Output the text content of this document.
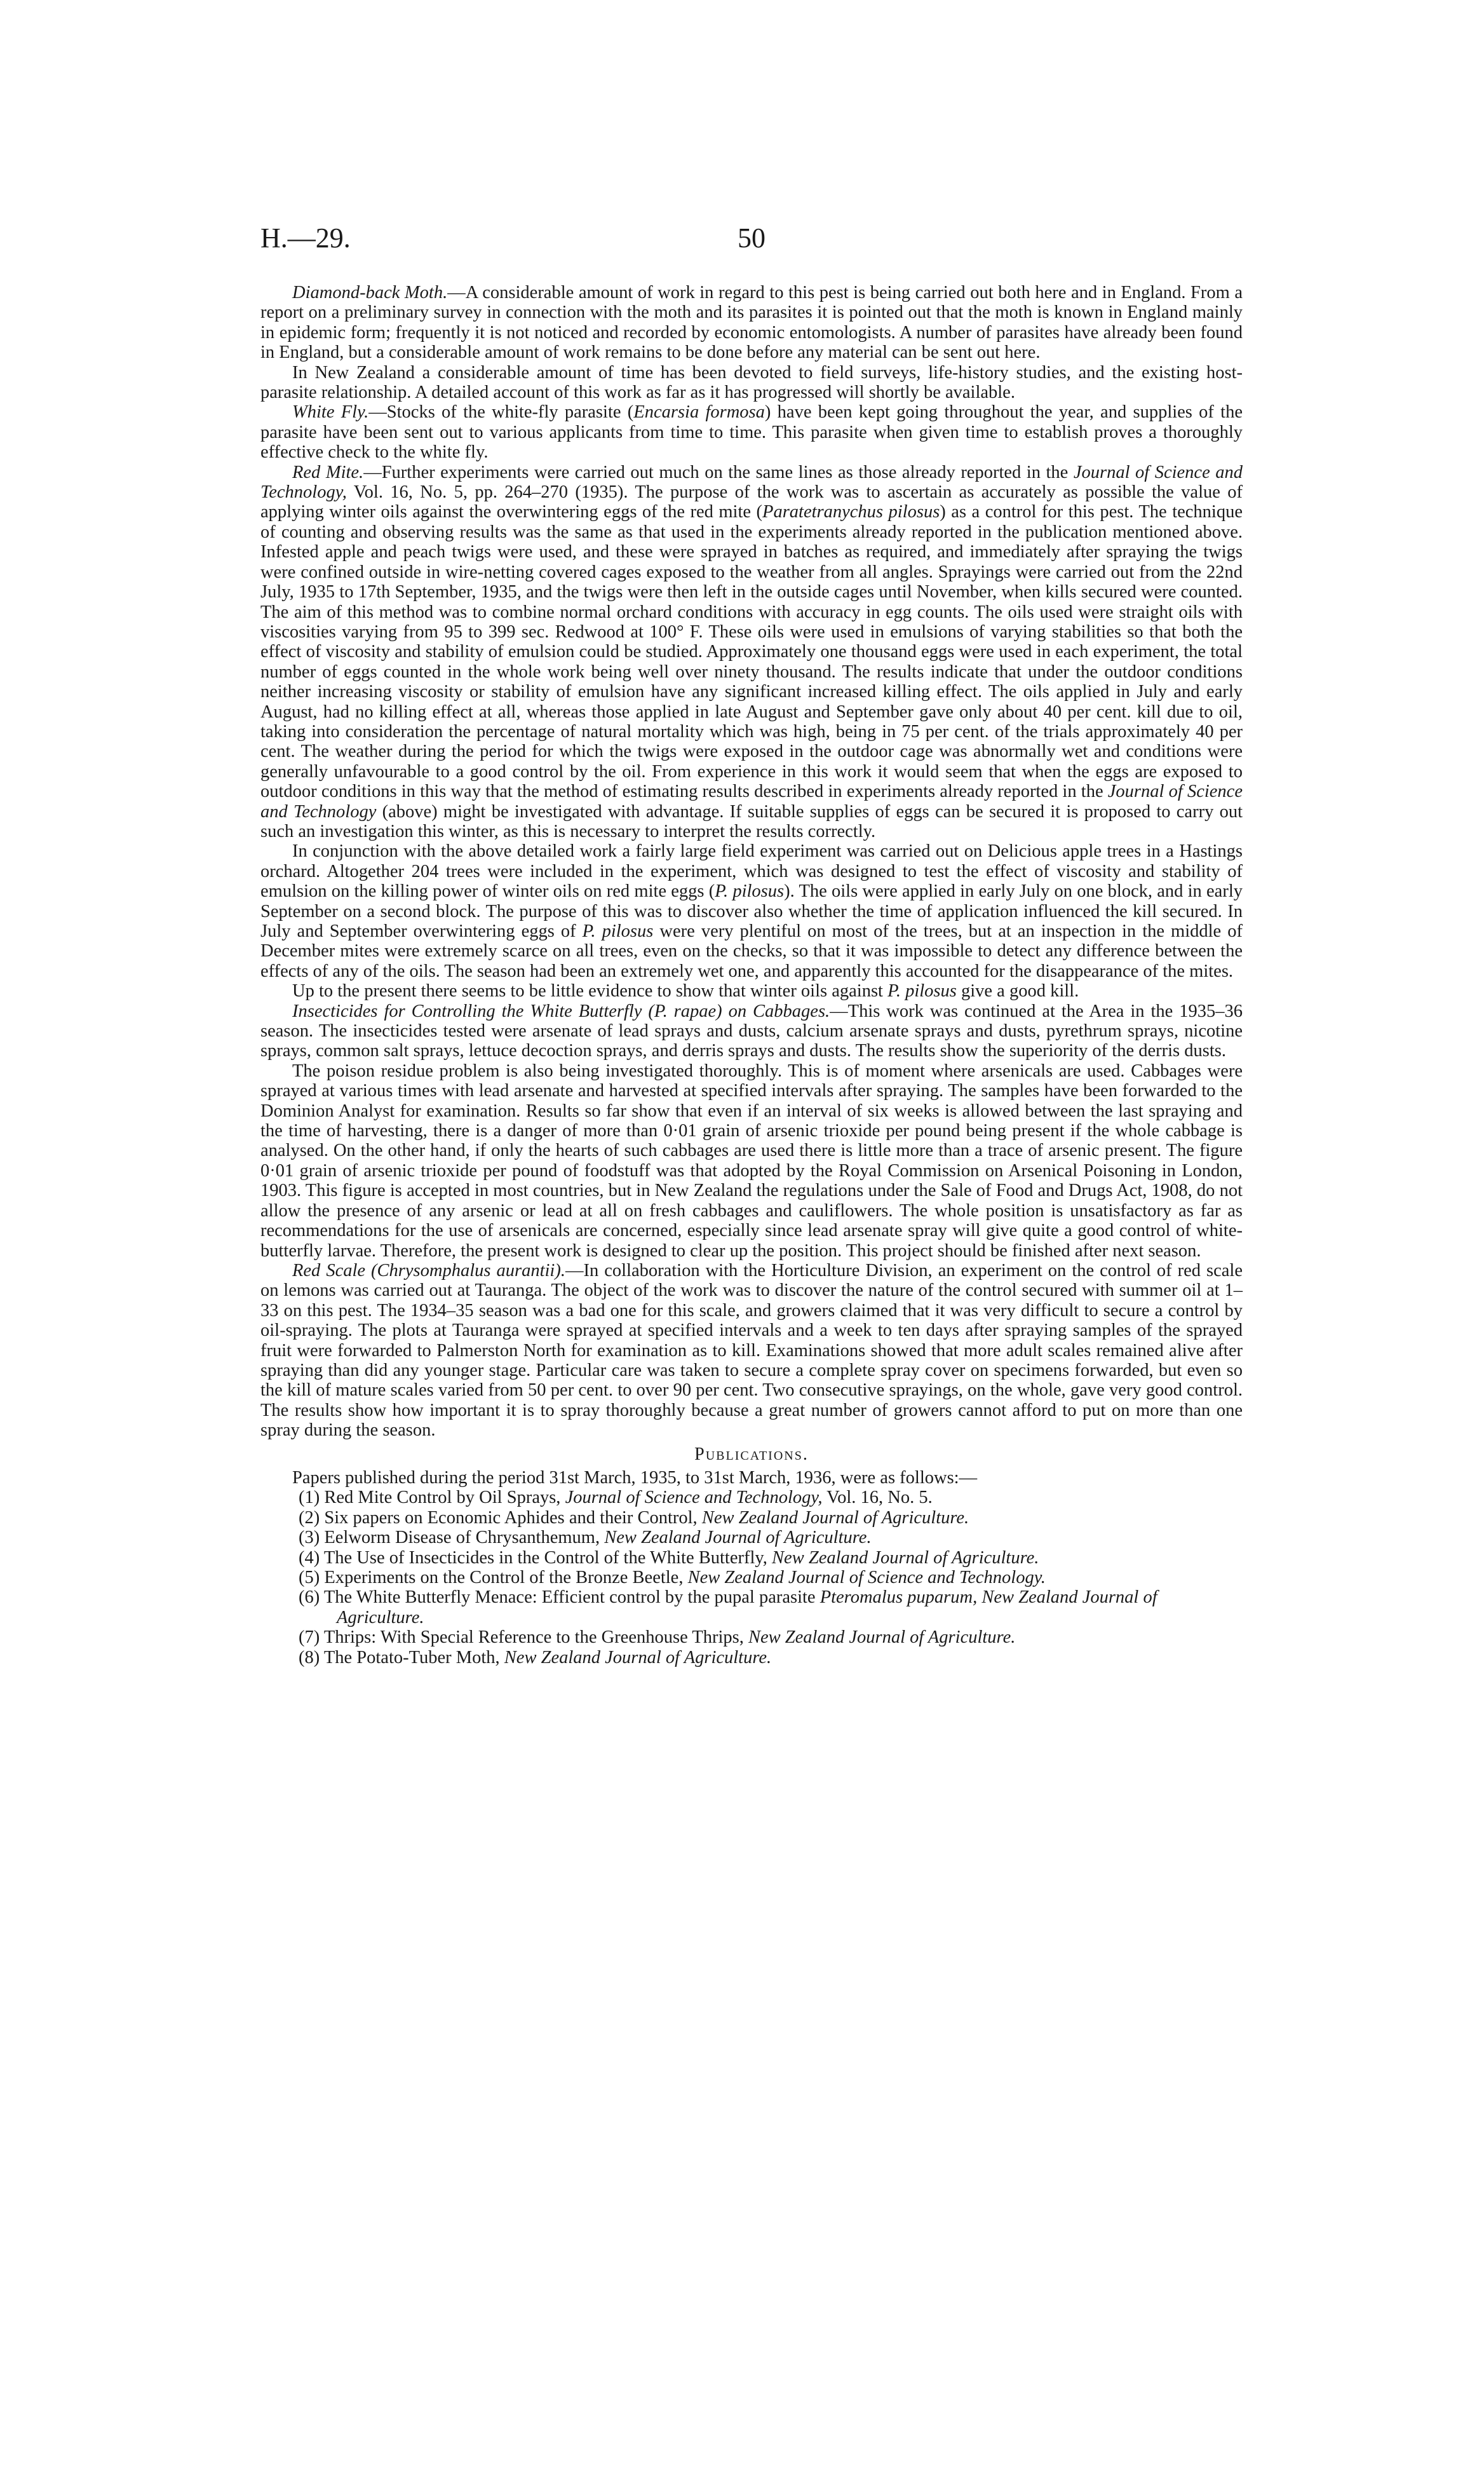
H.—29.	50

Diamond-back Moth.—A considerable amount of work in regard to this pest is being carried out both here and in England. From a report on a preliminary survey in connection with the moth and its parasites it is pointed out that the moth is known in England mainly in epidemic form; frequently it is not noticed and recorded by economic entomologists. A number of parasites have already been found in England, but a considerable amount of work remains to be done before any material can be sent out here.

In New Zealand a considerable amount of time has been devoted to field surveys, life-history studies, and the existing host-parasite relationship. A detailed account of this work as far as it has progressed will shortly be available.

White Fly.—Stocks of the white-fly parasite (Encarsia formosa) have been kept going throughout the year, and supplies of the parasite have been sent out to various applicants from time to time. This parasite when given time to establish proves a thoroughly effective check to the white fly.

Red Mite.—Further experiments were carried out much on the same lines as those already reported in the Journal of Science and Technology, Vol. 16, No. 5, pp. 264–270 (1935). The purpose of the work was to ascertain as accurately as possible the value of applying winter oils against the overwintering eggs of the red mite (Paratetranychus pilosus) as a control for this pest. The technique of counting and observing results was the same as that used in the experiments already reported in the publication mentioned above. Infested apple and peach twigs were used, and these were sprayed in batches as required, and immediately after spraying the twigs were confined outside in wire-netting covered cages exposed to the weather from all angles. Sprayings were carried out from the 22nd July, 1935 to 17th September, 1935, and the twigs were then left in the outside cages until November, when kills secured were counted. The aim of this method was to combine normal orchard conditions with accuracy in egg counts. The oils used were straight oils with viscosities varying from 95 to 399 sec. Redwood at 100° F. These oils were used in emulsions of varying stabilities so that both the effect of viscosity and stability of emulsion could be studied. Approximately one thousand eggs were used in each experiment, the total number of eggs counted in the whole work being well over ninety thousand. The results indicate that under the outdoor conditions neither increasing viscosity or stability of emulsion have any significant increased killing effect. The oils applied in July and early August, had no killing effect at all, whereas those applied in late August and September gave only about 40 per cent. kill due to oil, taking into consideration the percentage of natural mortality which was high, being in 75 per cent. of the trials approximately 40 per cent. The weather during the period for which the twigs were exposed in the outdoor cage was abnormally wet and conditions were generally unfavourable to a good control by the oil. From experience in this work it would seem that when the eggs are exposed to outdoor conditions in this way that the method of estimating results described in experiments already reported in the Journal of Science and Technology (above) might be investigated with advantage. If suitable supplies of eggs can be secured it is proposed to carry out such an investigation this winter, as this is necessary to interpret the results correctly.

In conjunction with the above detailed work a fairly large field experiment was carried out on Delicious apple trees in a Hastings orchard. Altogether 204 trees were included in the experiment, which was designed to test the effect of viscosity and stability of emulsion on the killing power of winter oils on red mite eggs (P. pilosus). The oils were applied in early July on one block, and in early September on a second block. The purpose of this was to discover also whether the time of application influenced the kill secured. In July and September overwintering eggs of P. pilosus were very plentiful on most of the trees, but at an inspection in the middle of December mites were extremely scarce on all trees, even on the checks, so that it was impossible to detect any difference between the effects of any of the oils. The season had been an extremely wet one, and apparently this accounted for the disappearance of the mites.

Up to the present there seems to be little evidence to show that winter oils against P. pilosus give a good kill.

Insecticides for Controlling the White Butterfly (P. rapae) on Cabbages.—This work was continued at the Area in the 1935–36 season. The insecticides tested were arsenate of lead sprays and dusts, calcium arsenate sprays and dusts, pyrethrum sprays, nicotine sprays, common salt sprays, lettuce decoction sprays, and derris sprays and dusts. The results show the superiority of the derris dusts.

The poison residue problem is also being investigated thoroughly. This is of moment where arsenicals are used. Cabbages were sprayed at various times with lead arsenate and harvested at specified intervals after spraying. The samples have been forwarded to the Dominion Analyst for examination. Results so far show that even if an interval of six weeks is allowed between the last spraying and the time of harvesting, there is a danger of more than 0·01 grain of arsenic trioxide per pound being present if the whole cabbage is analysed. On the other hand, if only the hearts of such cabbages are used there is little more than a trace of arsenic present. The figure 0·01 grain of arsenic trioxide per pound of foodstuff was that adopted by the Royal Commission on Arsenical Poisoning in London, 1903. This figure is accepted in most countries, but in New Zealand the regulations under the Sale of Food and Drugs Act, 1908, do not allow the presence of any arsenic or lead at all on fresh cabbages and cauliflowers. The whole position is unsatisfactory as far as recommendations for the use of arsenicals are concerned, especially since lead arsenate spray will give quite a good control of white-butterfly larvae. Therefore, the present work is designed to clear up the position. This project should be finished after next season.

Red Scale (Chrysomphalus aurantii).—In collaboration with the Horticulture Division, an experiment on the control of red scale on lemons was carried out at Tauranga. The object of the work was to discover the nature of the control secured with summer oil at 1–33 on this pest. The 1934–35 season was a bad one for this scale, and growers claimed that it was very difficult to secure a control by oil-spraying. The plots at Tauranga were sprayed at specified intervals and a week to ten days after spraying samples of the sprayed fruit were forwarded to Palmerston North for examination as to kill. Examinations showed that more adult scales remained alive after spraying than did any younger stage. Particular care was taken to secure a complete spray cover on specimens forwarded, but even so the kill of mature scales varied from 50 per cent. to over 90 per cent. Two consecutive sprayings, on the whole, gave very good control. The results show how important it is to spray thoroughly because a great number of growers cannot afford to put on more than one spray during the season.

Publications.

Papers published during the period 31st March, 1935, to 31st March, 1936, were as follows:—

(1) Red Mite Control by Oil Sprays, Journal of Science and Technology, Vol. 16, No. 5.
(2) Six papers on Economic Aphides and their Control, New Zealand Journal of Agriculture.
(3) Eelworm Disease of Chrysanthemum, New Zealand Journal of Agriculture.
(4) The Use of Insecticides in the Control of the White Butterfly, New Zealand Journal of Agriculture.
(5) Experiments on the Control of the Bronze Beetle, New Zealand Journal of Science and Technology.
(6) The White Butterfly Menace: Efficient control by the pupal parasite Pteromalus puparum, New Zealand Journal of Agriculture.
(7) Thrips: With Special Reference to the Greenhouse Thrips, New Zealand Journal of Agriculture.
(8) The Potato-Tuber Moth, New Zealand Journal of Agriculture.
